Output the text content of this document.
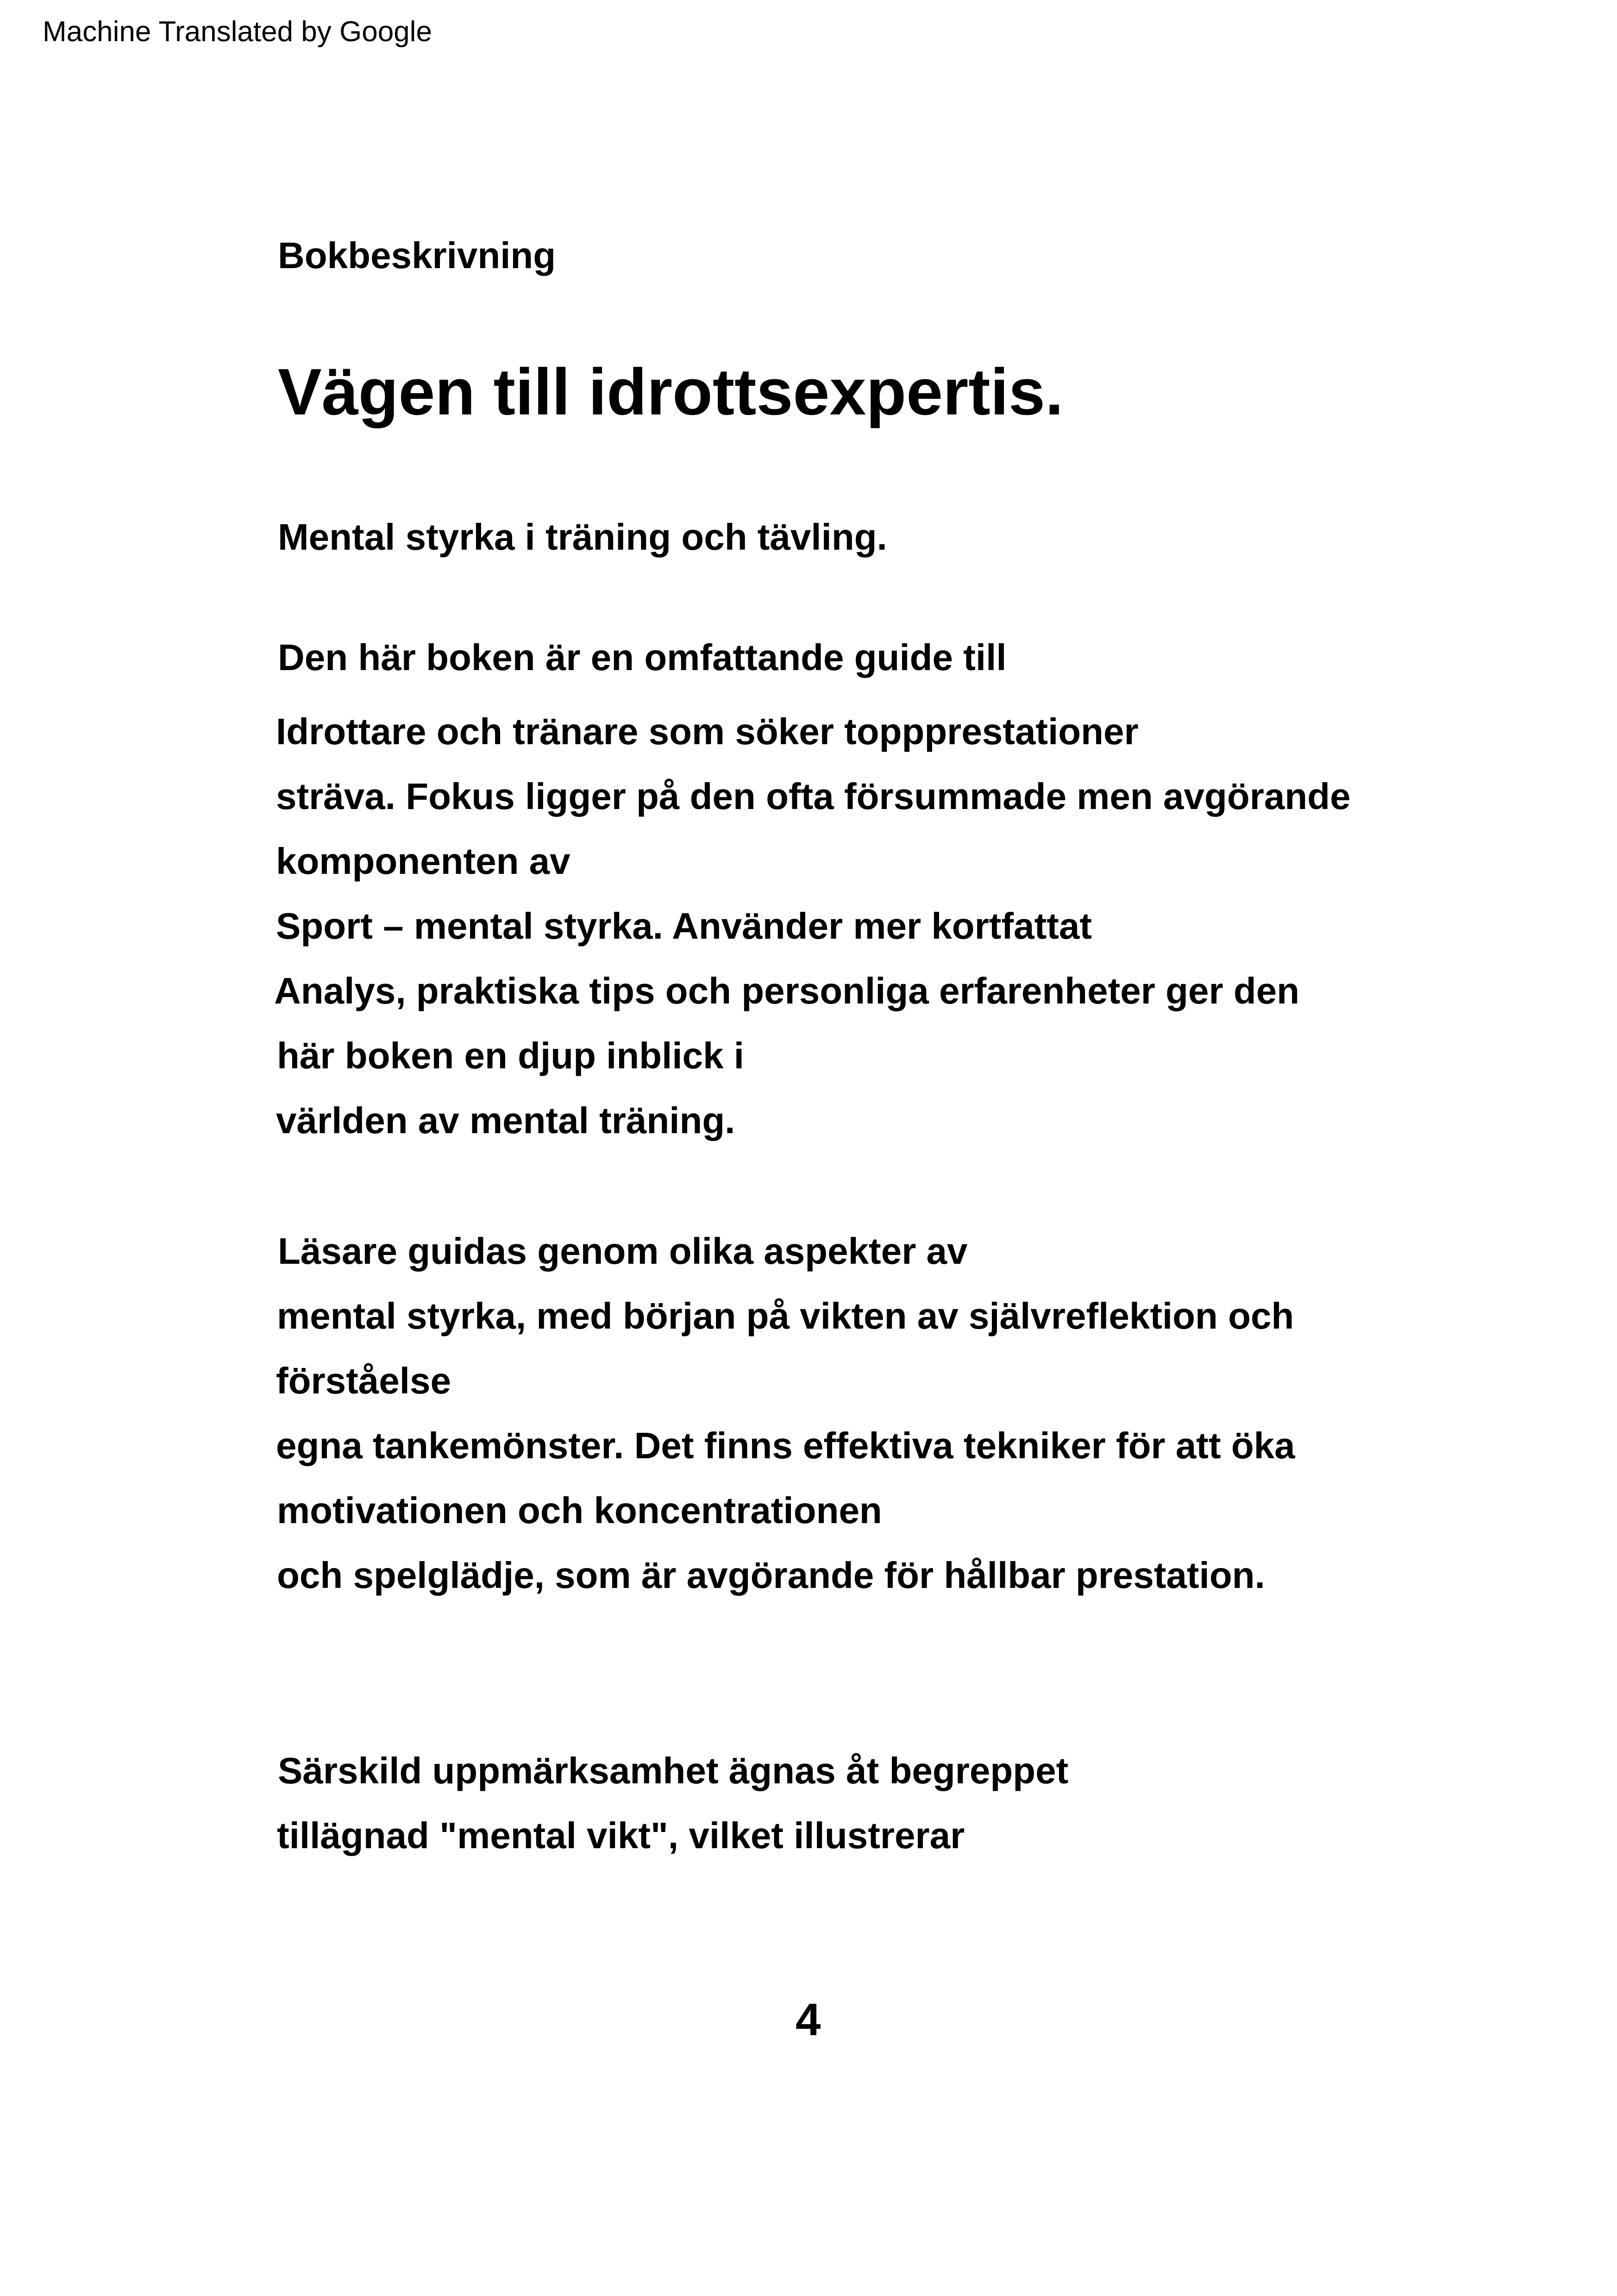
Machine Translated by Google
Bokbeskrivning
Vägen till idrottsexpertis.
Mental styrka i träning och tävling.
Den här boken är en omfattande guide till
Idrottare och tränare som söker toppprestationer
sträva. Fokus ligger på den ofta försummade men avgörande
komponenten av
Sport – mental styrka. Använder mer kortfattat
Analys, praktiska tips och personliga erfarenheter ger den
här boken en djup inblick i
världen av mental träning.
Läsare guidas genom olika aspekter av
mental styrka, med början på vikten av självreflektion och
förståelse
egna tankemönster. Det finns effektiva tekniker för att öka
motivationen och koncentrationen
och spelglädje, som är avgörande för hållbar prestation.
Särskild uppmärksamhet ägnas åt begreppet
tillägnad "mental vikt", vilket illustrerar
4
